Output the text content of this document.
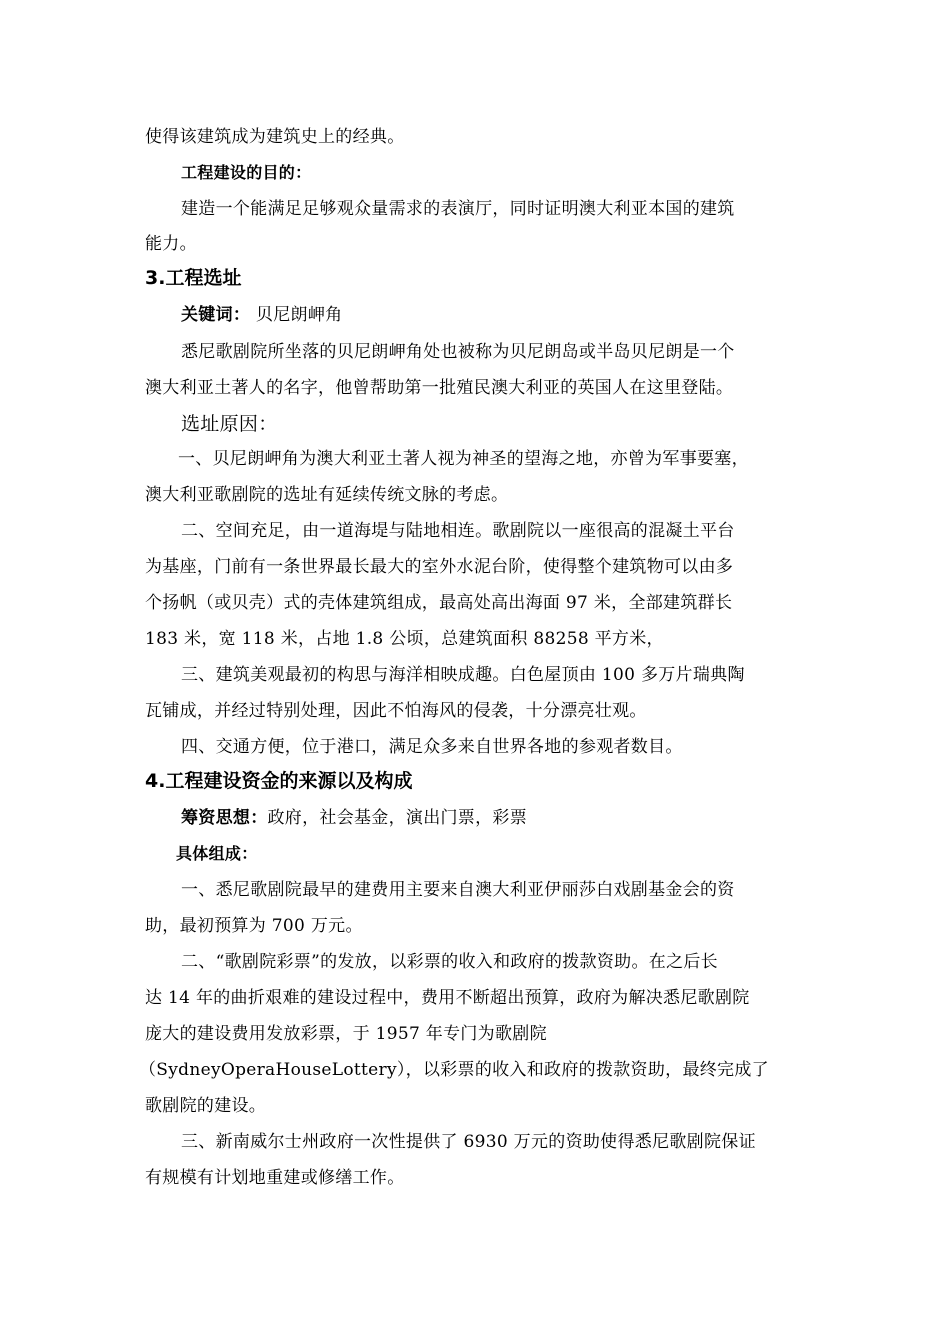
使得该建筑成为建筑史上的经典。
工程建设的目的：
建造一个能满足足够观众量需求的表演厅，同时证明澳大利亚本国的建筑
能力。
3.工程选址
关键词： 贝尼朗岬角
悉尼歌剧院所坐落的贝尼朗岬角处也被称为贝尼朗岛或半岛贝尼朗是一个
澳大利亚土著人的名字，他曾帮助第一批殖民澳大利亚的英国人在这里登陆。
选址原因：
一、贝尼朗岬角为澳大利亚土著人视为神圣的望海之地，亦曾为军事要塞，
澳大利亚歌剧院的选址有延续传统文脉的考虑。
二、空间充足，由一道海堤与陆地相连。歌剧院以一座很高的混凝土平台
为基座，门前有一条世界最长最大的室外水泥台阶，使得整个建筑物可以由多
个扬帆（或贝壳）式的壳体建筑组成，最高处高出海面 97 米，全部建筑群长
183 米，宽 118 米，占地 1.8 公顷，总建筑面积 88258 平方米，
三、建筑美观最初的构思与海洋相映成趣。白色屋顶由 100 多万片瑞典陶
瓦铺成，并经过特别处理，因此不怕海风的侵袭，十分漂亮壮观。
四、交通方便，位于港口，满足众多来自世界各地的参观者数目。
4.工程建设资金的来源以及构成
筹资思想：政府，社会基金，演出门票，彩票
具体组成：
一、悉尼歌剧院最早的建费用主要来自澳大利亚伊丽莎白戏剧基金会的资
助，最初预算为 700 万元。
二、“歌剧院彩票”的发放，以彩票的收入和政府的拨款资助。在之后长
达 14 年的曲折艰难的建设过程中，费用不断超出预算，政府为解决悉尼歌剧院
庞大的建设费用发放彩票，于 1957 年专门为歌剧院
（SydneyOperaHouseLottery），以彩票的收入和政府的拨款资助，最终完成了
歌剧院的建设。
三、新南威尔士州政府一次性提供了 6930 万元的资助使得悉尼歌剧院保证
有规模有计划地重建或修缮工作。
